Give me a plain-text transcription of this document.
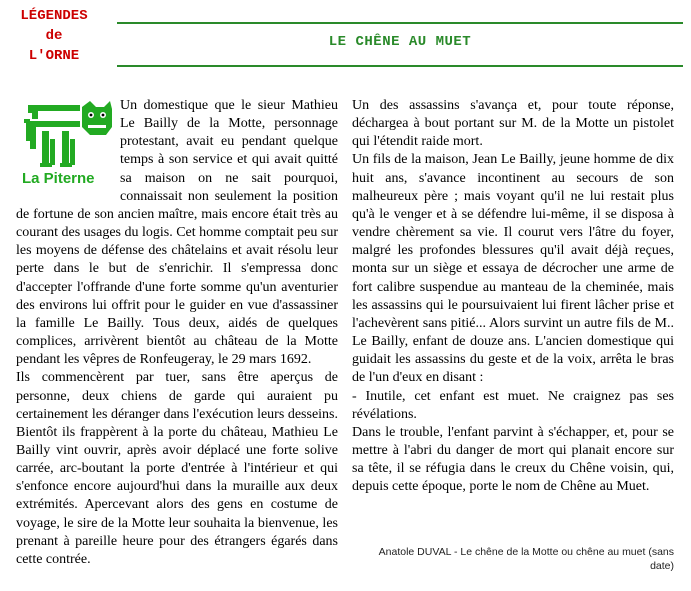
LÉGENDES
de
L'ORNE
LE CHÊNE AU MUET
La Piterne

Un domestique que le sieur Mathieu Le Bailly de la Motte, personnage protestant, avait eu pendant quelque temps à son service et qui avait quitté sa maison on ne sait pourquoi, connaissait non seulement la position de fortune de son ancien maître, mais encore était très au courant des usages du logis. Cet homme comptait peu sur les moyens de défense des châtelains et avait résolu leur perte dans le but de s'enrichir. Il s'empressa donc d'accepter l'offrande d'une forte somme qu'un aventurier des environs lui offrit pour le guider en vue d'assassiner la famille Le Bailly. Tous deux, aidés de quelques complices, arrivèrent bientôt au château de la Motte pendant les vêpres de Ronfeugeray, le 29 mars 1692.

Ils commencèrent par tuer, sans être aperçus de personne, deux chiens de garde qui auraient pu certainement les déranger dans l'exécution leurs desseins. Bientôt ils frappèrent à la porte du château, Mathieu Le Bailly vint ouvrir, après avoir déplacé une forte solive carrée, arc-boutant la porte d'entrée à l'intérieur et qui s'enfonce encore aujourd'hui dans la muraille aux deux extrémités. Apercevant alors des gens en costume de voyage, le sire de la Motte leur souhaita la bienvenue, les prenant à pareille heure pour des étrangers égarés dans cette contrée.

Un des assassins s'avança et, pour toute réponse, déchargea à bout portant sur M. de la Motte un pistolet qui l'étendit raide mort.

Un fils de la maison, Jean Le Bailly, jeune homme de dix huit ans, s'avance incontinent au secours de son malheureux père ; mais voyant qu'il ne lui restait plus qu'à le venger et à se défendre lui-même, il se disposa à vendre chèrement sa vie. Il courut vers l'âtre du foyer, malgré les profondes blessures qu'il avait déjà reçues, monta sur un siège et essaya de décrocher une arme de fort calibre suspendue au manteau de la cheminée, mais les assassins qui le poursuivaient lui firent lâcher prise et l'achevèrent sans pitié... Alors survint un autre fils de M.. Le Bailly, enfant de douze ans. L'ancien domestique qui guidait les assassins du geste et de la voix, arrêta le bras de l'un d'eux en disant :

- Inutile, cet enfant est muet. Ne craignez pas ses révélations.

Dans le trouble, l'enfant parvint à s'échapper, et, pour se mettre à l'abri du danger de mort qui planait encore sur sa tête, il se réfugia dans le creux du Chêne voisin, qui, depuis cette époque, porte le nom de Chêne au Muet.

Anatole DUVAL - Le chêne de la Motte ou chêne au muet (sans date)
